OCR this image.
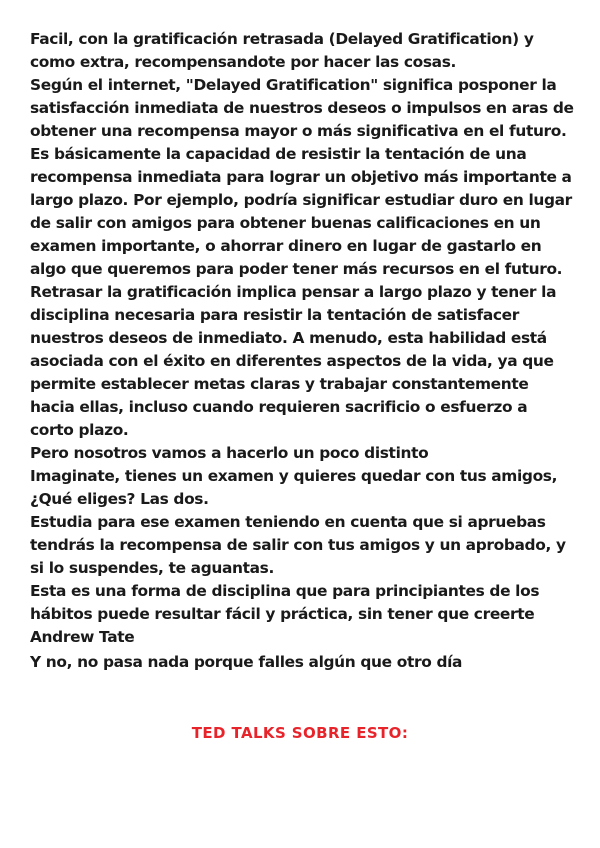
Facil, con la gratificación retrasada (Delayed Gratification) y como extra, recompensandote por hacer las cosas.

Según el internet, "Delayed Gratification" significa posponer la satisfacción inmediata de nuestros deseos o impulsos en aras de obtener una recompensa mayor o más significativa en el futuro. Es básicamente la capacidad de resistir la tentación de una recompensa inmediata para lograr un objetivo más importante a largo plazo. Por ejemplo, podría significar estudiar duro en lugar de salir con amigos para obtener buenas calificaciones en un examen importante, o ahorrar dinero en lugar de gastarlo en algo que queremos para poder tener más recursos en el futuro.

Retrasar la gratificación implica pensar a largo plazo y tener la disciplina necesaria para resistir la tentación de satisfacer nuestros deseos de inmediato. A menudo, esta habilidad está asociada con el éxito en diferentes aspectos de la vida, ya que permite establecer metas claras y trabajar constantemente hacia ellas, incluso cuando requieren sacrificio o esfuerzo a corto plazo.

Pero nosotros vamos a hacerlo un poco distinto

Imaginate, tienes un examen y quieres quedar con tus amigos, ¿Qué eliges? Las dos.

Estudia para ese examen teniendo en cuenta que si apruebas tendrás la recompensa de salir con tus amigos y un aprobado, y si lo suspendes, te aguantas.

Esta es una forma de disciplina que para principiantes de los hábitos puede resultar fácil y práctica, sin tener que creerte Andrew Tate

Y no, no pasa nada porque falles algún que otro día

TED TALKS SOBRE ESTO:
